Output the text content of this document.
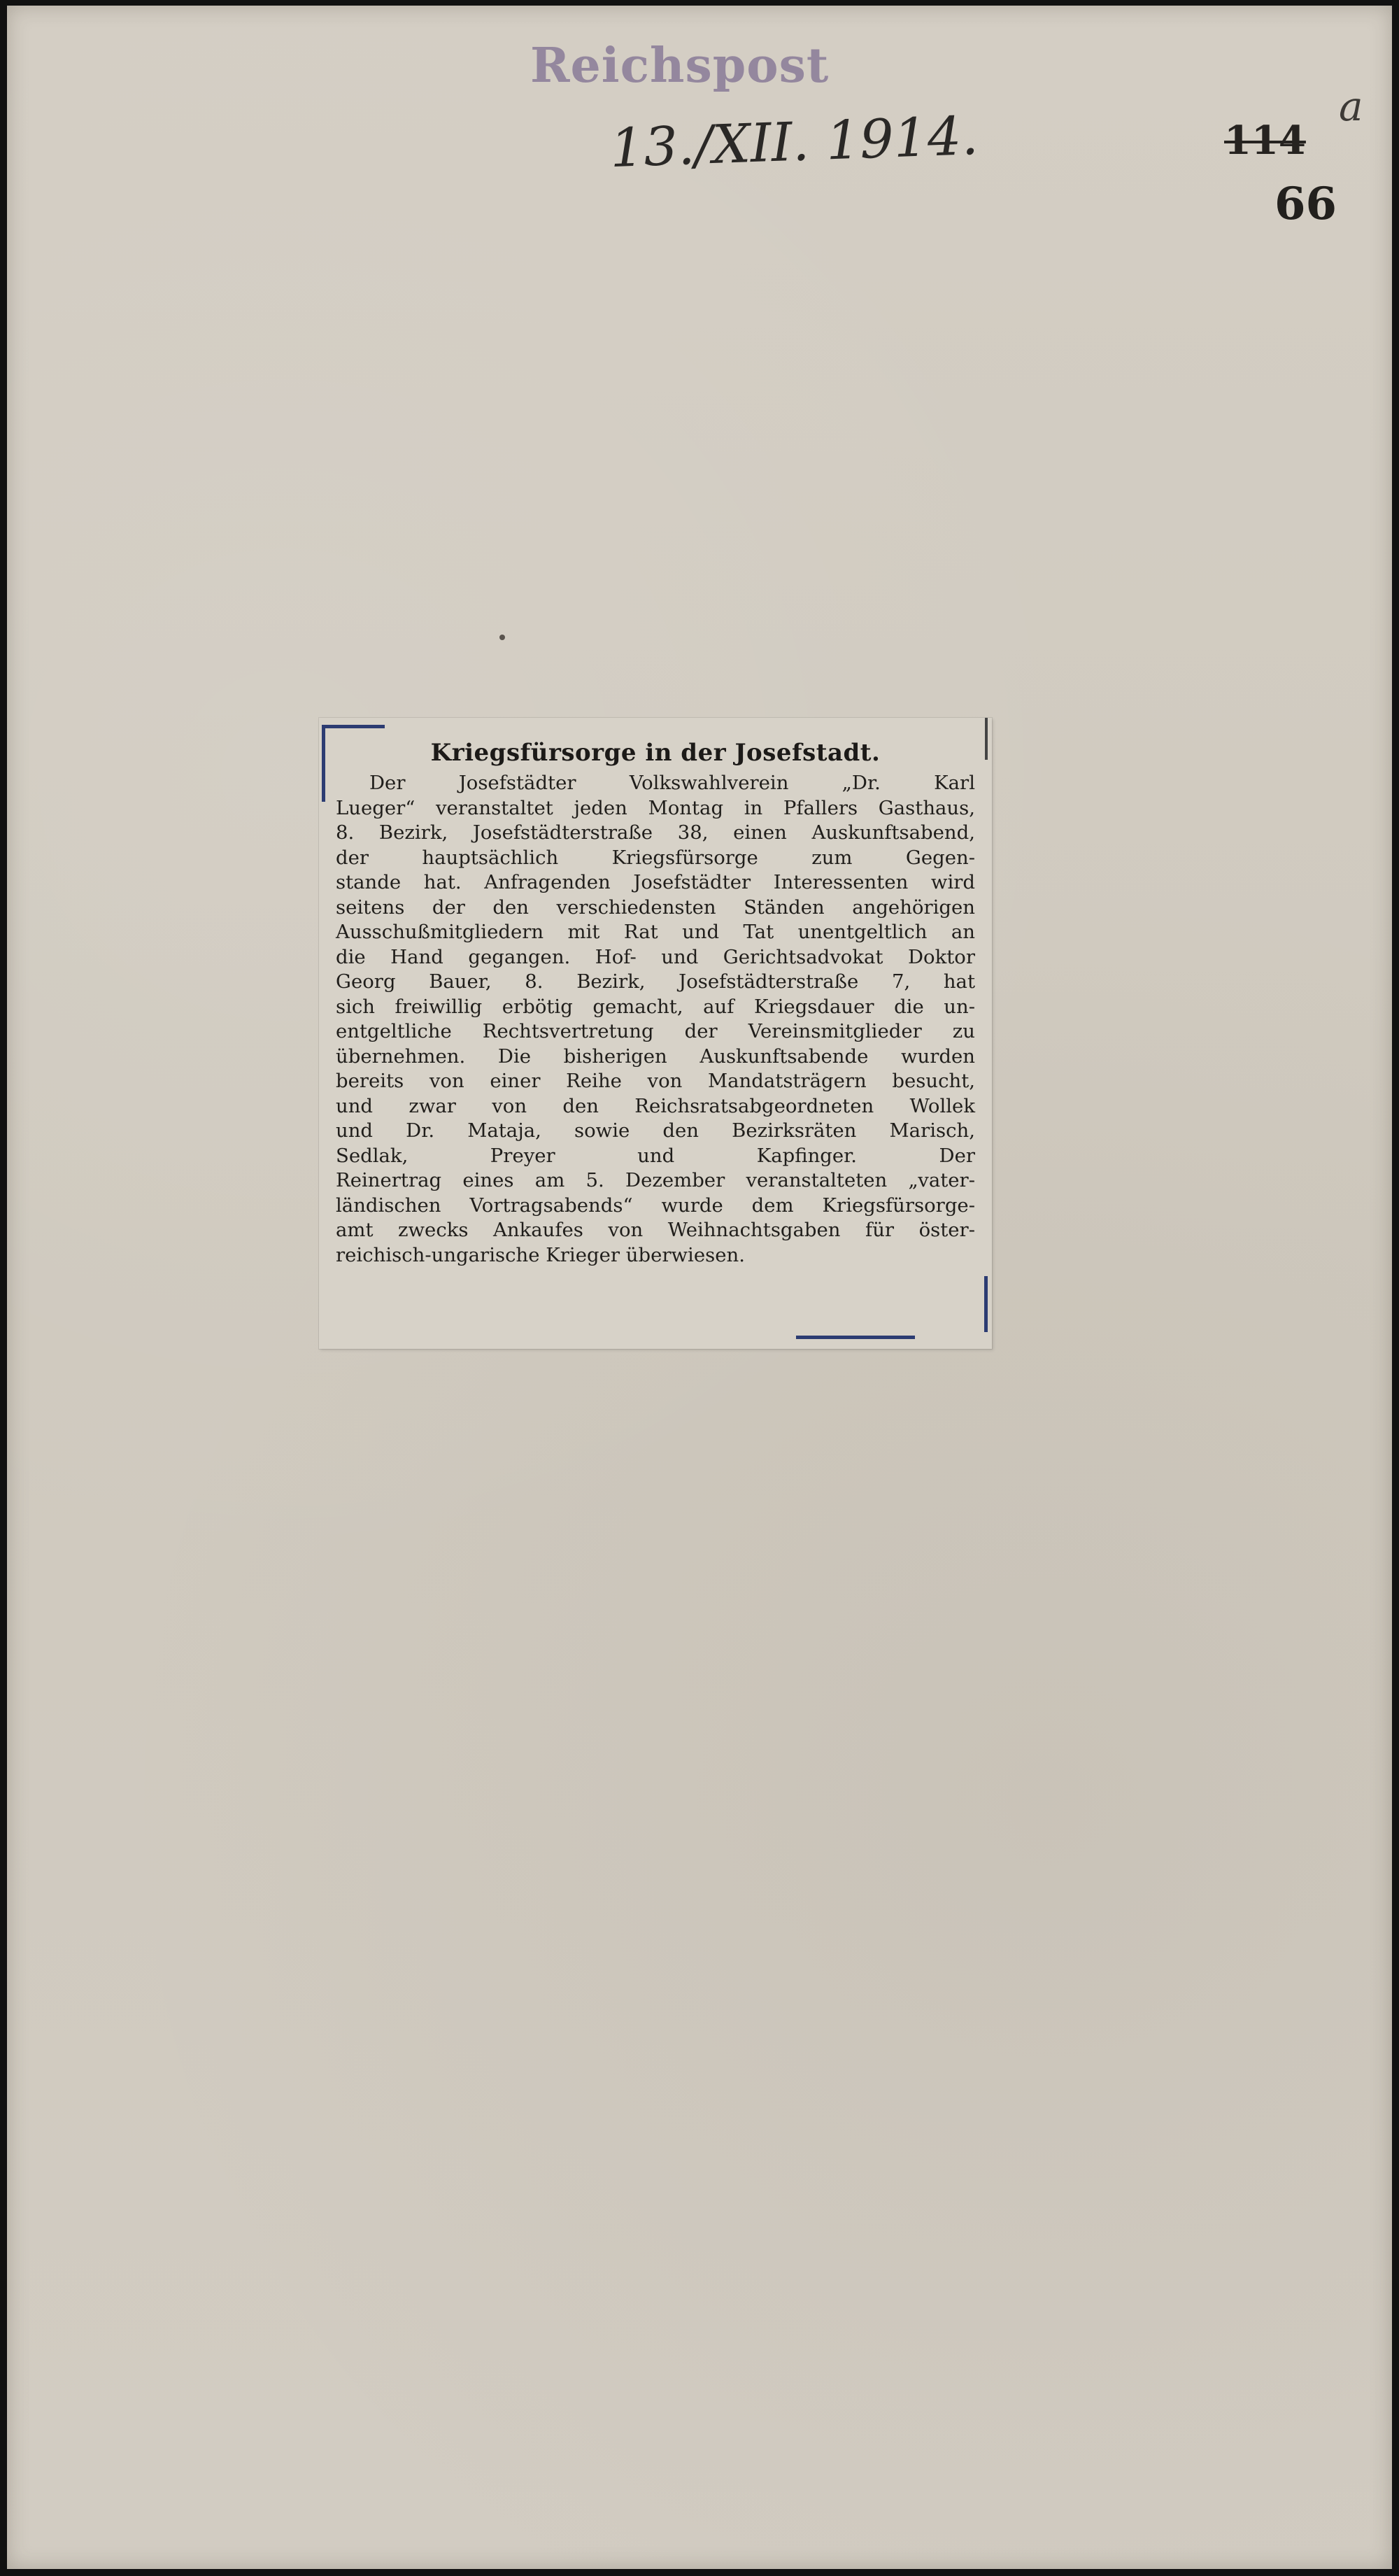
Reichspost
13./XII. 1914.	114
a
66
Kriegsfürsorge in der Josefstadt.
Der Josefstädter Volkswahlverein „Dr. Karl
Lueger“ veranstaltet jeden Montag in Pfallers Gasthaus,
8. Bezirk, Josefstädterstraße 38, einen Auskunftsabend,
der hauptsächlich Kriegsfürsorge zum Gegen-
stande hat. Anfragenden Josefstädter Interessenten wird
seitens der den verschiedensten Ständen angehörigen
Ausschußmitgliedern mit Rat und Tat unentgeltlich an
die Hand gegangen. Hof- und Gerichtsadvokat Doktor
Georg Bauer, 8. Bezirk, Josefstädterstraße 7, hat
sich freiwillig erbötig gemacht, auf Kriegsdauer die un-
entgeltliche Rechtsvertretung der Vereinsmitglieder zu
übernehmen. Die bisherigen Auskunftsabende wurden
bereits von einer Reihe von Mandatsträgern besucht,
und zwar von den Reichsratsabgeordneten Wollek
und Dr. Mataja, sowie den Bezirksräten Marisch,
Sedlak, Preyer und Kapfinger. Der
Reinertrag eines am 5. Dezember veranstalteten „vater-
ländischen Vortragsabends“ wurde dem Kriegsfürsorge-
amt zwecks Ankaufes von Weihnachtsgaben für öster-
reichisch-ungarische Krieger überwiesen.
